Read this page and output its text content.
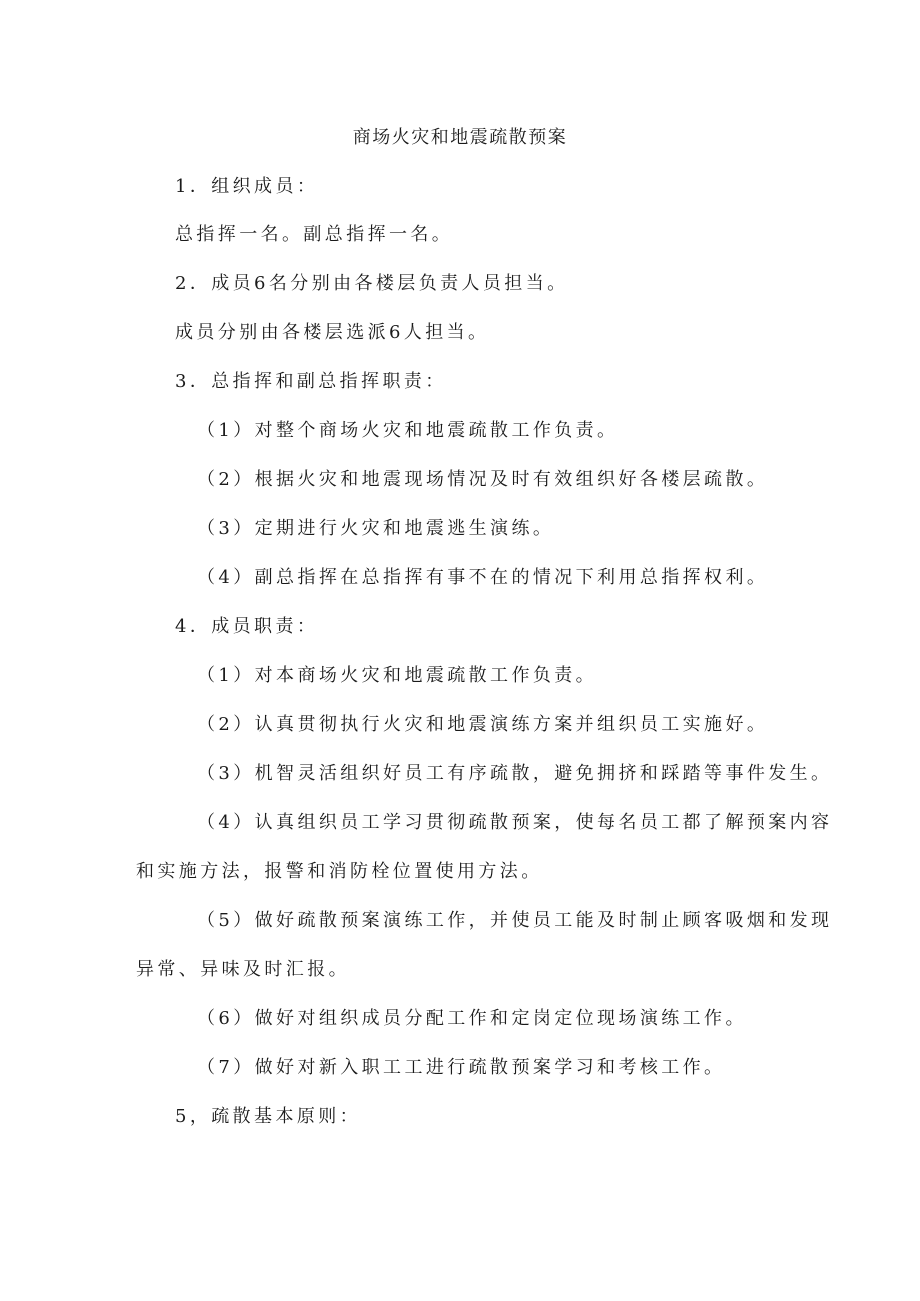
商场火灾和地震疏散预案
1．组织成员：
总指挥一名。副总指挥一名。
2．成员6名分别由各楼层负责人员担当。
成员分别由各楼层选派6人担当。
3．总指挥和副总指挥职责：
（1）对整个商场火灾和地震疏散工作负责。
（2）根据火灾和地震现场情况及时有效组织好各楼层疏散。
（3）定期进行火灾和地震逃生演练。
（4）副总指挥在总指挥有事不在的情况下利用总指挥权利。
4．成员职责：
（1）对本商场火灾和地震疏散工作负责。
（2）认真贯彻执行火灾和地震演练方案并组织员工实施好。
（3）机智灵活组织好员工有序疏散，避免拥挤和踩踏等事件发生。
（4）认真组织员工学习贯彻疏散预案，使每名员工都了解预案内容
和实施方法，报警和消防栓位置使用方法。
（5）做好疏散预案演练工作，并使员工能及时制止顾客吸烟和发现
异常、异味及时汇报。
（6）做好对组织成员分配工作和定岗定位现场演练工作。
（7）做好对新入职工工进行疏散预案学习和考核工作。
5，疏散基本原则：
